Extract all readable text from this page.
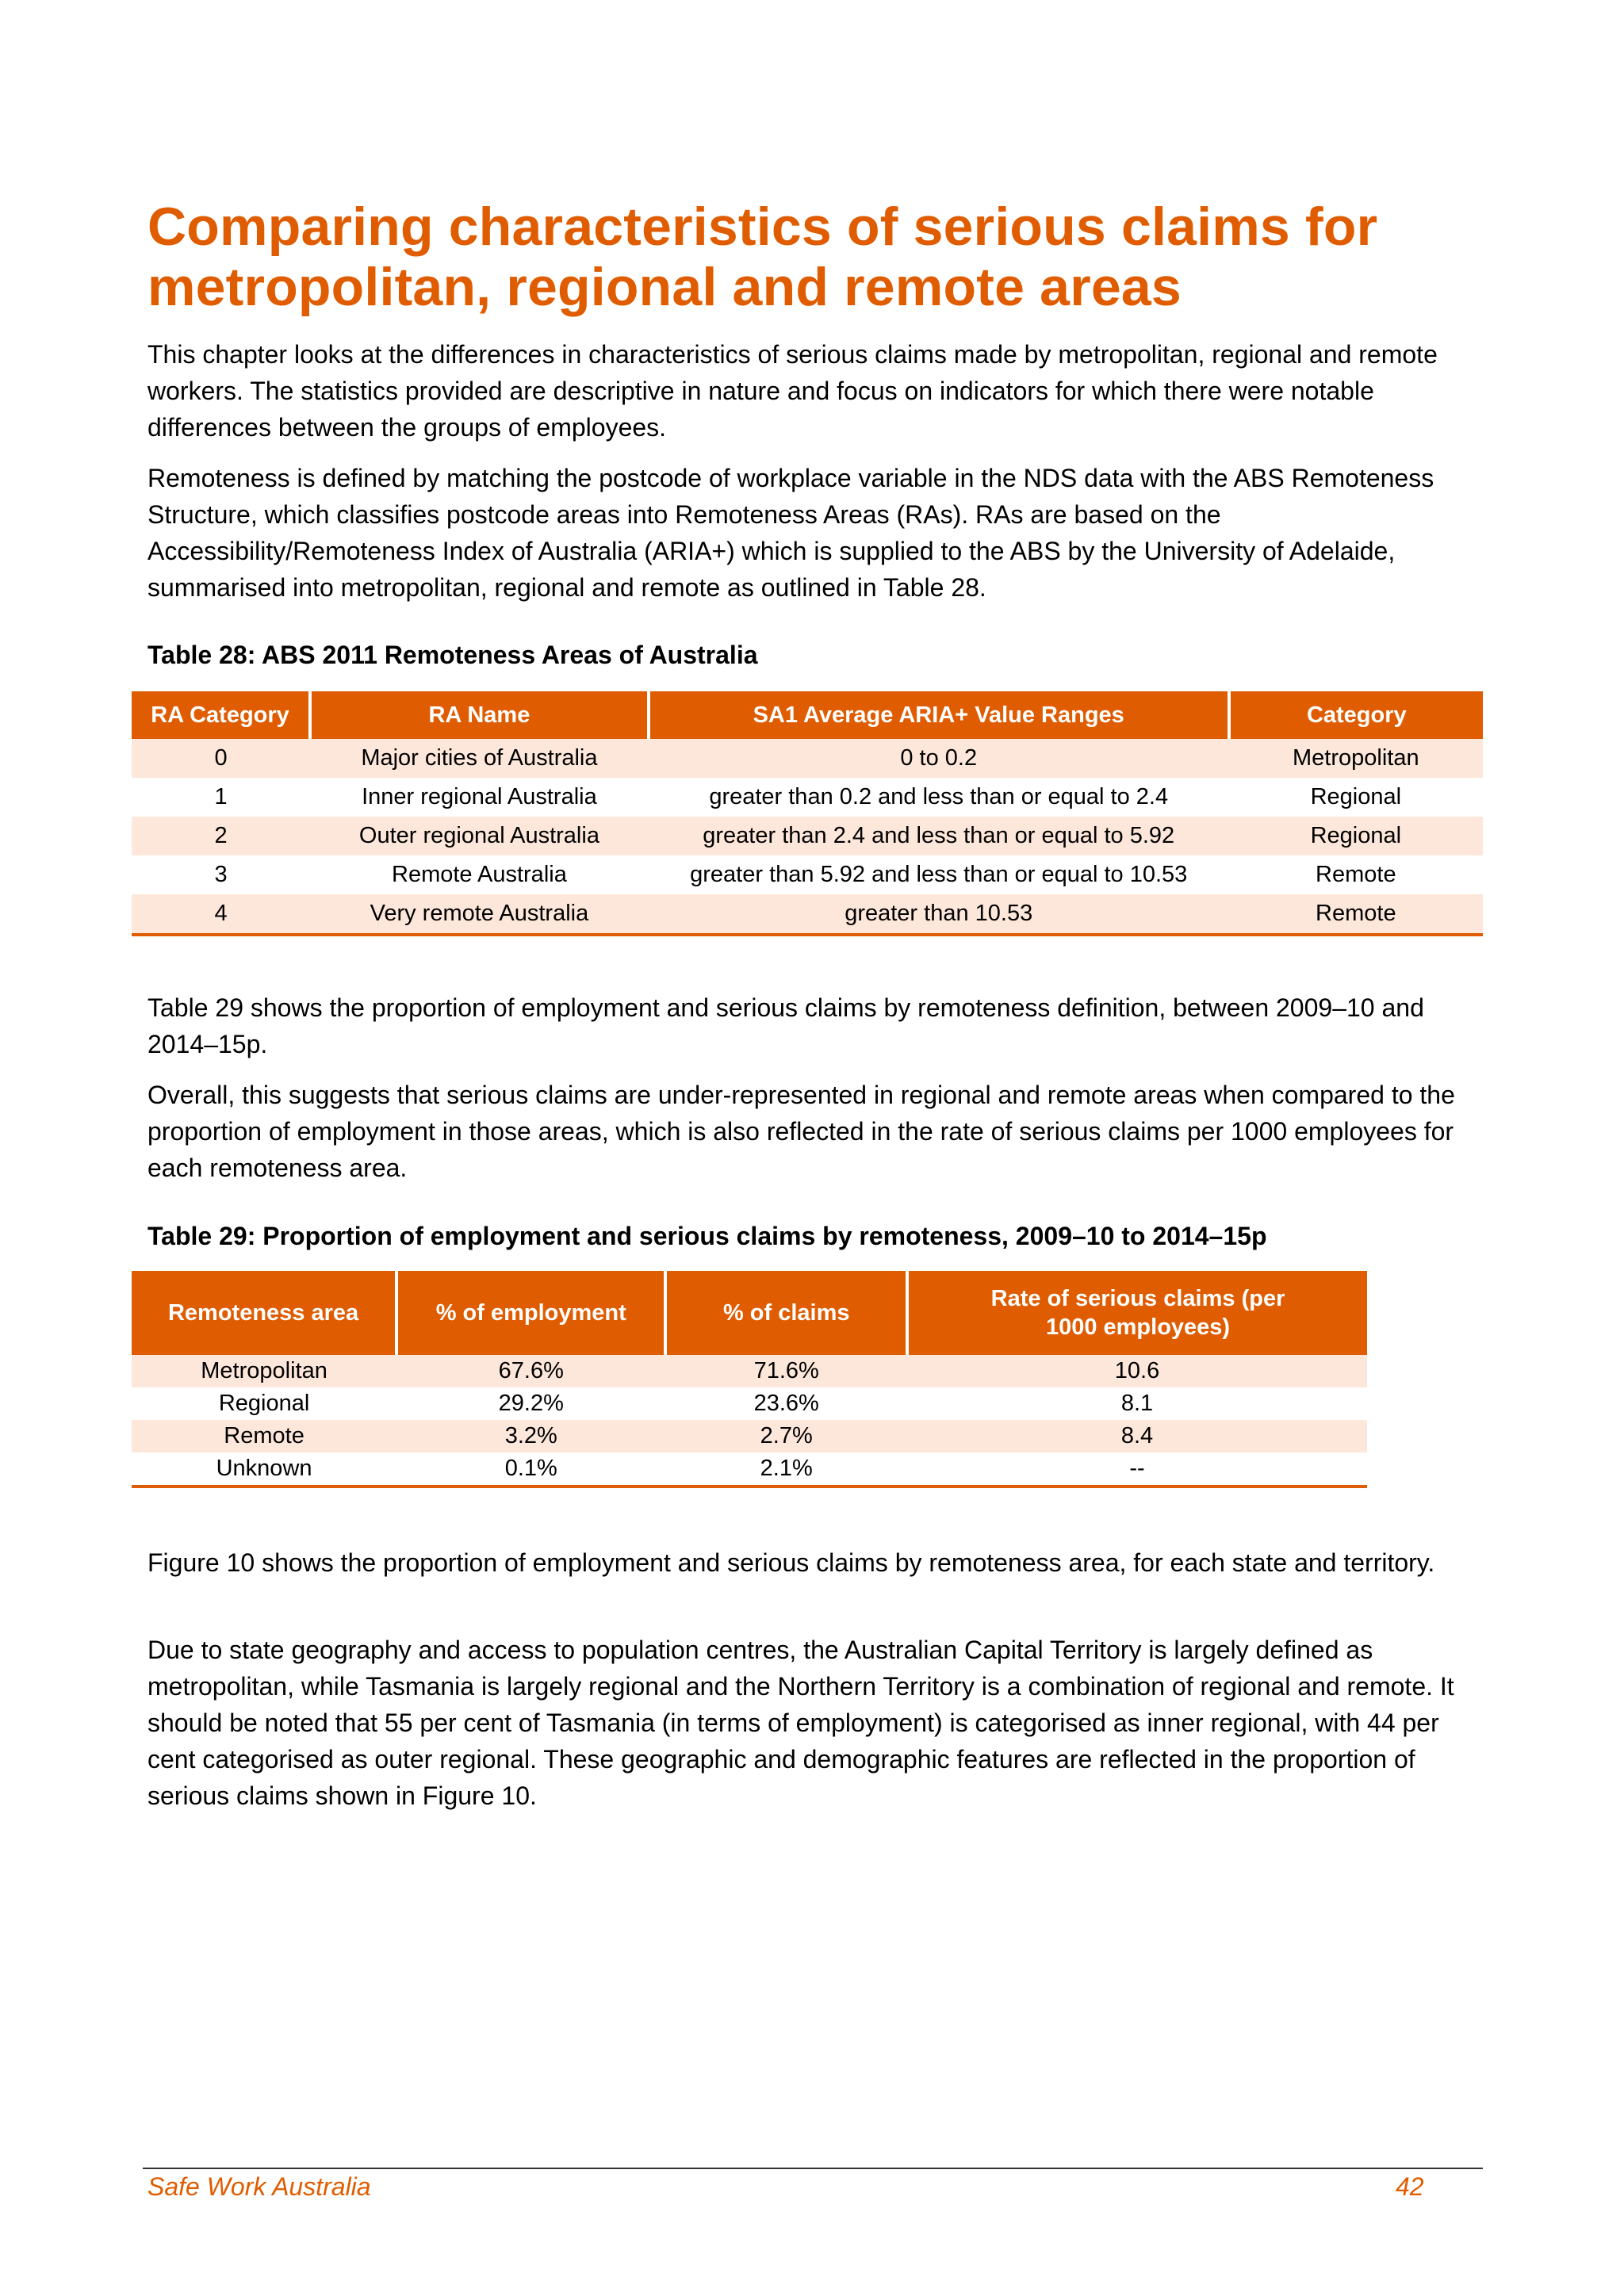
Comparing characteristics of serious claims for metropolitan, regional and remote areas

This chapter looks at the differences in characteristics of serious claims made by metropolitan, regional and remote workers. The statistics provided are descriptive in nature and focus on indicators for which there were notable differences between the groups of employees.

Remoteness is defined by matching the postcode of workplace variable in the NDS data with the ABS Remoteness Structure, which classifies postcode areas into Remoteness Areas (RAs). RAs are based on the Accessibility/Remoteness Index of Australia (ARIA+) which is supplied to the ABS by the University of Adelaide, summarised into metropolitan, regional and remote as outlined in Table 28.

Table 28: ABS 2011 Remoteness Areas of Australia

RA Category	RA Name	SA1 Average ARIA+ Value Ranges	Category
0	Major cities of Australia	0 to 0.2	Metropolitan
1	Inner regional Australia	greater than 0.2 and less than or equal to 2.4	Regional
2	Outer regional Australia	greater than 2.4 and less than or equal to 5.92	Regional
3	Remote Australia	greater than 5.92 and less than or equal to 10.53	Remote
4	Very remote Australia	greater than 10.53	Remote

Table 29 shows the proportion of employment and serious claims by remoteness definition, between 2009–10 and 2014–15p.

Overall, this suggests that serious claims are under-represented in regional and remote areas when compared to the proportion of employment in those areas, which is also reflected in the rate of serious claims per 1000 employees for each remoteness area.

Table 29: Proportion of employment and serious claims by remoteness, 2009–10 to 2014–15p

Remoteness area	% of employment	% of claims	Rate of serious claims (per 1000 employees)
Metropolitan	67.6%	71.6%	10.6
Regional	29.2%	23.6%	8.1
Remote	3.2%	2.7%	8.4
Unknown	0.1%	2.1%	--

Figure 10 shows the proportion of employment and serious claims by remoteness area, for each state and territory.

Due to state geography and access to population centres, the Australian Capital Territory is largely defined as metropolitan, while Tasmania is largely regional and the Northern Territory is a combination of regional and remote. It should be noted that 55 per cent of Tasmania (in terms of employment) is categorised as inner regional, with 44 per cent categorised as outer regional. These geographic and demographic features are reflected in the proportion of serious claims shown in Figure 10.

Safe Work Australia	42
